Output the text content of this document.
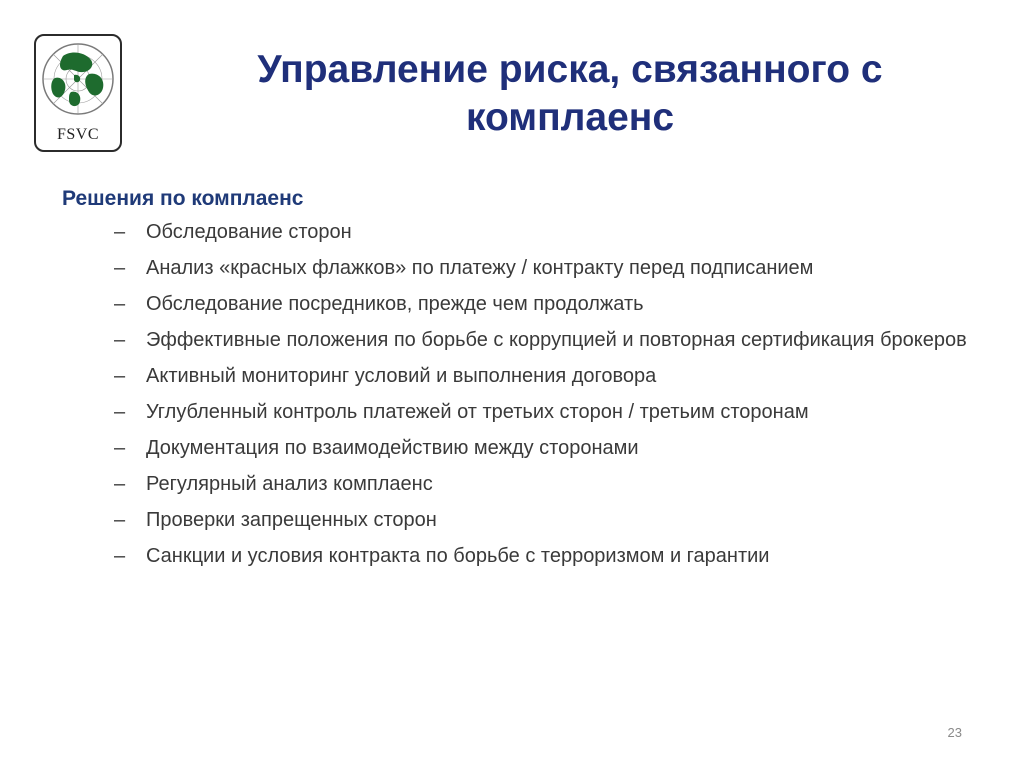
FSVC
Управление риска, связанного с
комплаенс
Решения по комплаенс
– Обследование сторон
– Анализ «красных флажков» по платежу / контракту перед подписанием
– Обследование посредников, прежде чем продолжать
– Эффективные положения по борьбе с коррупцией и повторная сертификация брокеров
– Активный мониторинг условий и выполнения договора
– Углубленный контроль платежей от третьих сторон / третьим сторонам
– Документация по взаимодействию между сторонами
– Регулярный анализ комплаенс
– Проверки запрещенных сторон
– Санкции и условия контракта по борьбе с терроризмом и гарантии
23
